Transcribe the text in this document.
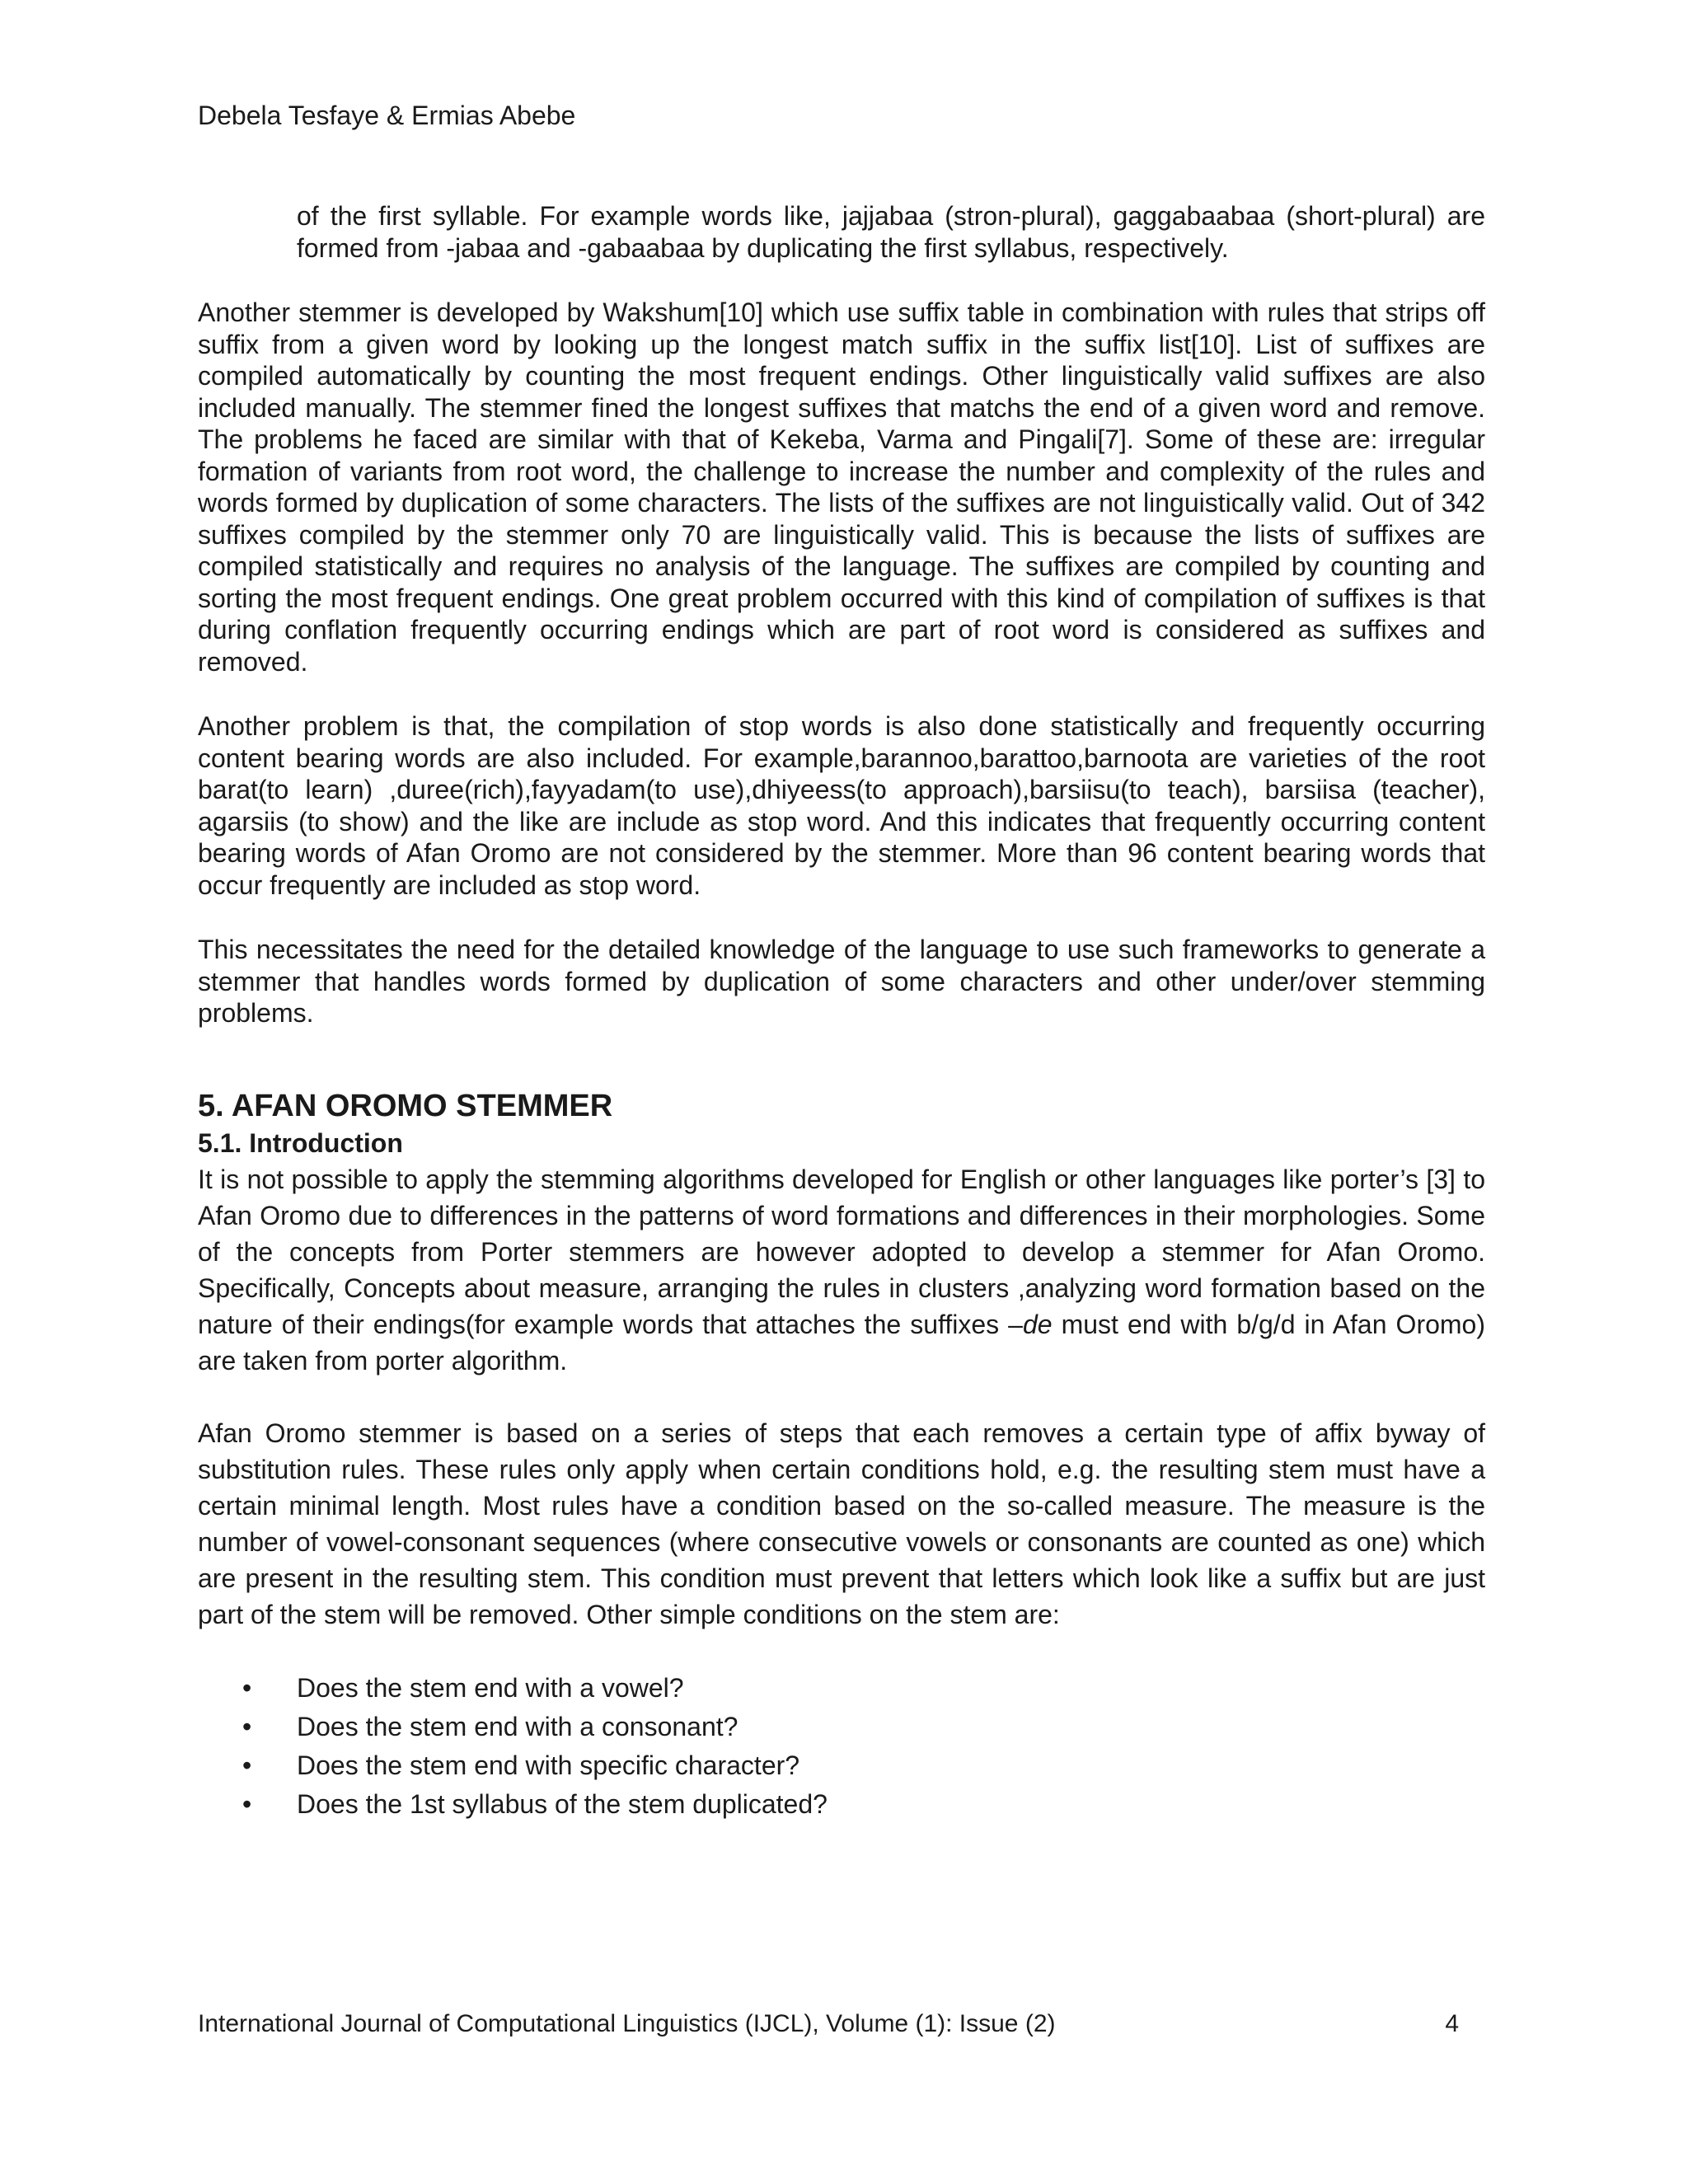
Debela Tesfaye & Ermias Abebe

of the first syllable. For example words like, jajjabaa (stron-plural), gaggabaabaa (short-plural) are formed from -jabaa and -gabaabaa by duplicating the first syllabus, respectively.

Another stemmer is developed by Wakshum[10] which use suffix table in combination with rules that strips off suffix from a given word by looking up the longest match suffix in the suffix list[10]. List of suffixes are compiled automatically by counting the most frequent endings. Other linguistically valid suffixes are also included manually. The stemmer fined the longest suffixes that matchs the end of a given word and remove. The problems he faced are similar with that of Kekeba, Varma and Pingali[7]. Some of these are: irregular formation of variants from root word, the challenge to increase the number and complexity of the rules and words formed by duplication of some characters. The lists of the suffixes are not linguistically valid. Out of 342 suffixes compiled by the stemmer only 70 are linguistically valid. This is because the lists of suffixes are compiled statistically and requires no analysis of the language. The suffixes are compiled by counting and sorting the most frequent endings. One great problem occurred with this kind of compilation of suffixes is that during conflation frequently occurring endings which are part of root word is considered as suffixes and removed.

Another problem is that, the compilation of stop words is also done statistically and frequently occurring content bearing words are also included. For example,barannoo,barattoo,barnoota are varieties of the root barat(to learn) ,duree(rich),fayyadam(to use),dhiyeess(to approach),barsiisu(to teach), barsiisa (teacher), agarsiis (to show) and the like are include as stop word. And this indicates that frequently occurring content bearing words of Afan Oromo are not considered by the stemmer. More than 96 content bearing words that occur frequently are included as stop word.

This necessitates the need for the detailed knowledge of the language to use such frameworks to generate a stemmer that handles words formed by duplication of some characters and other under/over stemming problems.

5. AFAN OROMO STEMMER
5.1. Introduction

It is not possible to apply the stemming algorithms developed for English or other languages like porter’s [3] to Afan Oromo due to differences in the patterns of word formations and differences in their morphologies. Some of the concepts from Porter stemmers are however adopted to develop a stemmer for Afan Oromo. Specifically, Concepts about measure, arranging the rules in clusters ,analyzing word formation based on the nature of their endings(for example words that attaches the suffixes –de must end with b/g/d in Afan Oromo) are taken from porter algorithm.

Afan Oromo stemmer is based on a series of steps that each removes a certain type of affix byway of substitution rules. These rules only apply when certain conditions hold, e.g. the resulting stem must have a certain minimal length. Most rules have a condition based on the so-called measure. The measure is the number of vowel-consonant sequences (where consecutive vowels or consonants are counted as one) which are present in the resulting stem. This condition must prevent that letters which look like a suffix but are just part of the stem will be removed. Other simple conditions on the stem are:

• Does the stem end with a vowel?
• Does the stem end with a consonant?
• Does the stem end with specific character?
• Does the 1st syllabus of the stem duplicated?
International Journal of Computational Linguistics (IJCL), Volume (1): Issue (2)	4
